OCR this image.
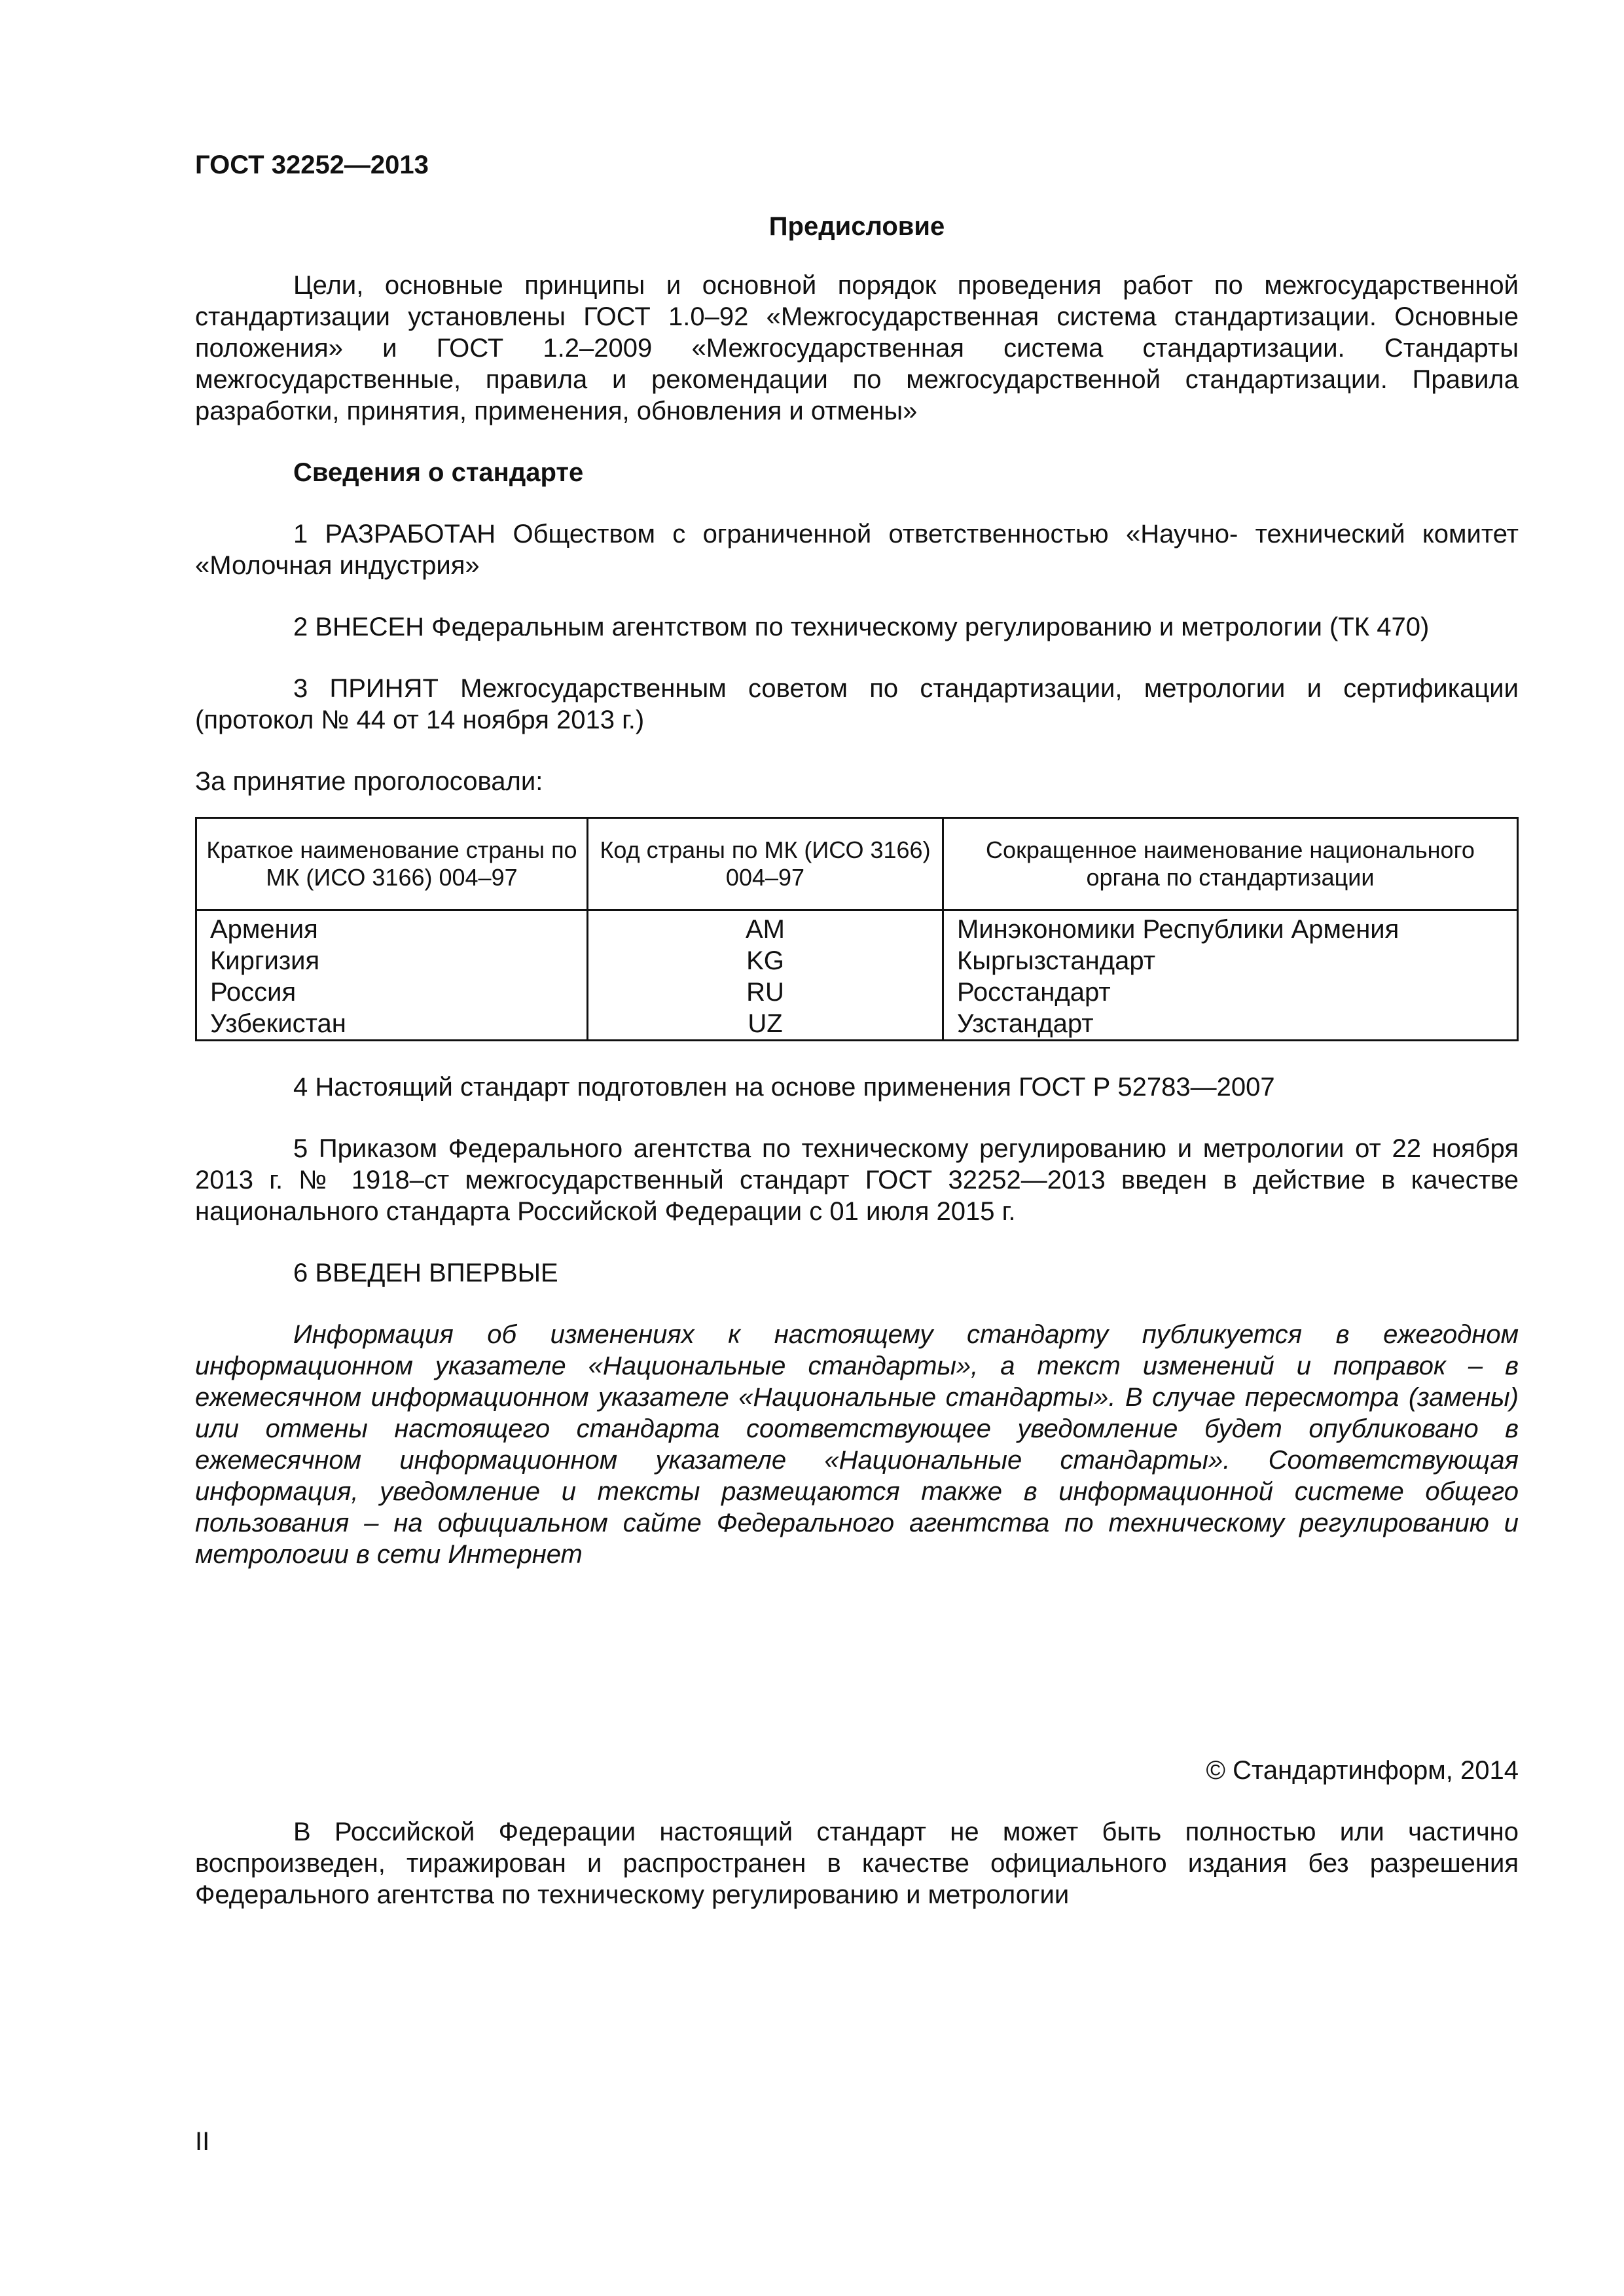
ГОСТ 32252—2013

Предисловие

Цели, основные принципы и основной порядок проведения работ по межгосударственной стандартизации установлены ГОСТ 1.0–92 «Межгосударственная система стандартизации. Основные положения» и ГОСТ 1.2–2009 «Межгосударственная система стандартизации. Стандарты межгосударственные, правила и рекомендации по межгосударственной стандартизации. Правила разработки, принятия, применения, обновления и отмены»

Сведения о стандарте

1 РАЗРАБОТАН Обществом с ограниченной ответственностью «Научно- технический комитет «Молочная индустрия»

2 ВНЕСЕН Федеральным агентством по техническому регулированию и метрологии (ТК 470)

3 ПРИНЯТ Межгосударственным советом по стандартизации, метрологии и сертификации (протокол № 44 от 14 ноября 2013 г.)

За принятие проголосовали:

Краткое наименование страны по МК (ИСО 3166) 004–97	Код страны по МК (ИСО 3166) 004–97	Сокращенное наименование национального органа по стандартизации
Армения	AM	Минэкономики Республики Армения
Киргизия	KG	Кыргызстандарт
Россия	RU	Росстандарт
Узбекистан	UZ	Узстандарт

4 Настоящий стандарт подготовлен на основе применения ГОСТ Р 52783—2007

5 Приказом Федерального агентства по техническому регулированию и метрологии от 22 ноября 2013 г. № 1918–ст межгосударственный стандарт ГОСТ 32252—2013 введен в действие в качестве национального стандарта Российской Федерации с 01 июля 2015 г.

6 ВВЕДЕН ВПЕРВЫЕ

Информация об изменениях к настоящему стандарту публикуется в ежегодном информационном указателе «Национальные стандарты», а текст изменений и поправок – в ежемесячном информационном указателе «Национальные стандарты». В случае пересмотра (замены) или отмены настоящего стандарта соответствующее уведомление будет опубликовано в ежемесячном информационном указателе «Национальные стандарты». Соответствующая информация, уведомление и тексты размещаются также в информационной системе общего пользования – на официальном сайте Федерального агентства по техническому регулированию и метрологии в сети Интернет

© Стандартинформ, 2014

В Российской Федерации настоящий стандарт не может быть полностью или частично воспроизведен, тиражирован и распространен в качестве официального издания без разрешения Федерального агентства по техническому регулированию и метрологии

II
